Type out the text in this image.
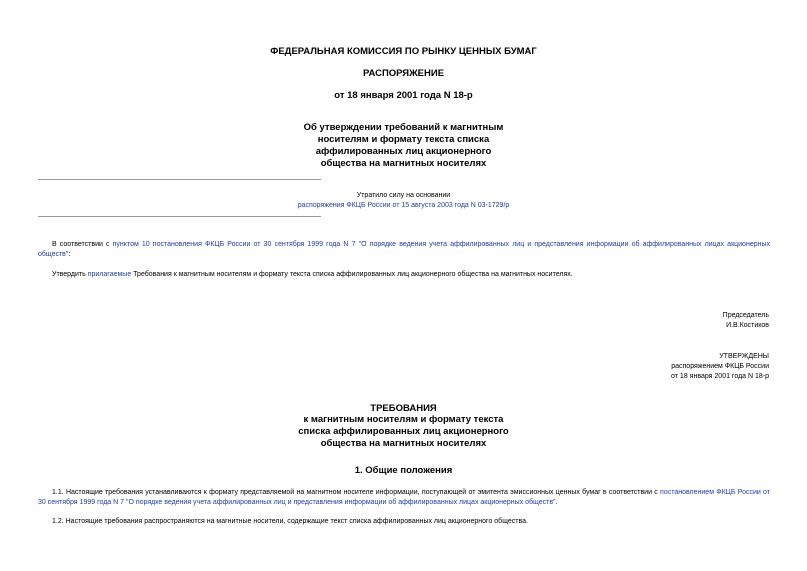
ФЕДЕРАЛЬНАЯ КОМИССИЯ ПО РЫНКУ ЦЕННЫХ БУМАГ
РАСПОРЯЖЕНИЕ
от 18 января 2001 года N 18-р
Об утверждении требований к магнитным
носителям и формату текста списка
аффилированных лиц акционерного
общества на магнитных носителях
Утратило силу на основании
распоряжения ФКЦБ России от 15 августа 2003 года N 03-1729/р
В соответствии с пунктом 10 постановления ФКЦБ России от 30 сентября 1999 года N 7 "О порядке ведения учета аффилированных лиц и представления информации об аффилированных лицах акционерных обществ":
Утвердить прилагаемые Требования к магнитным носителям и формату текста списка аффилированных лиц акционерного общества на магнитных носителях.
Председатель
И.В.Костиков
УТВЕРЖДЕНЫ
распоряжением ФКЦБ России
от 18 января 2001 года N 18-р
ТРЕБОВАНИЯ
к магнитным носителям и формату текста
списка аффилированных лиц акционерного
общества на магнитных носителях
1. Общие положения
1.1. Настоящие требования устанавливаются к формату представляемой на магнитном носителе информации, поступающей от эмитента эмиссионных ценных бумаг в соответствии с постановлением ФКЦБ России от 30 сентября 1999 года N 7 "О порядке ведения учета аффилированных лиц и представления информации об аффилированных лицах акционерных обществ".
1.2. Настоящие требования распространяются на магнитные носители, содержащие текст списка аффилированных лиц акционерного общества.
